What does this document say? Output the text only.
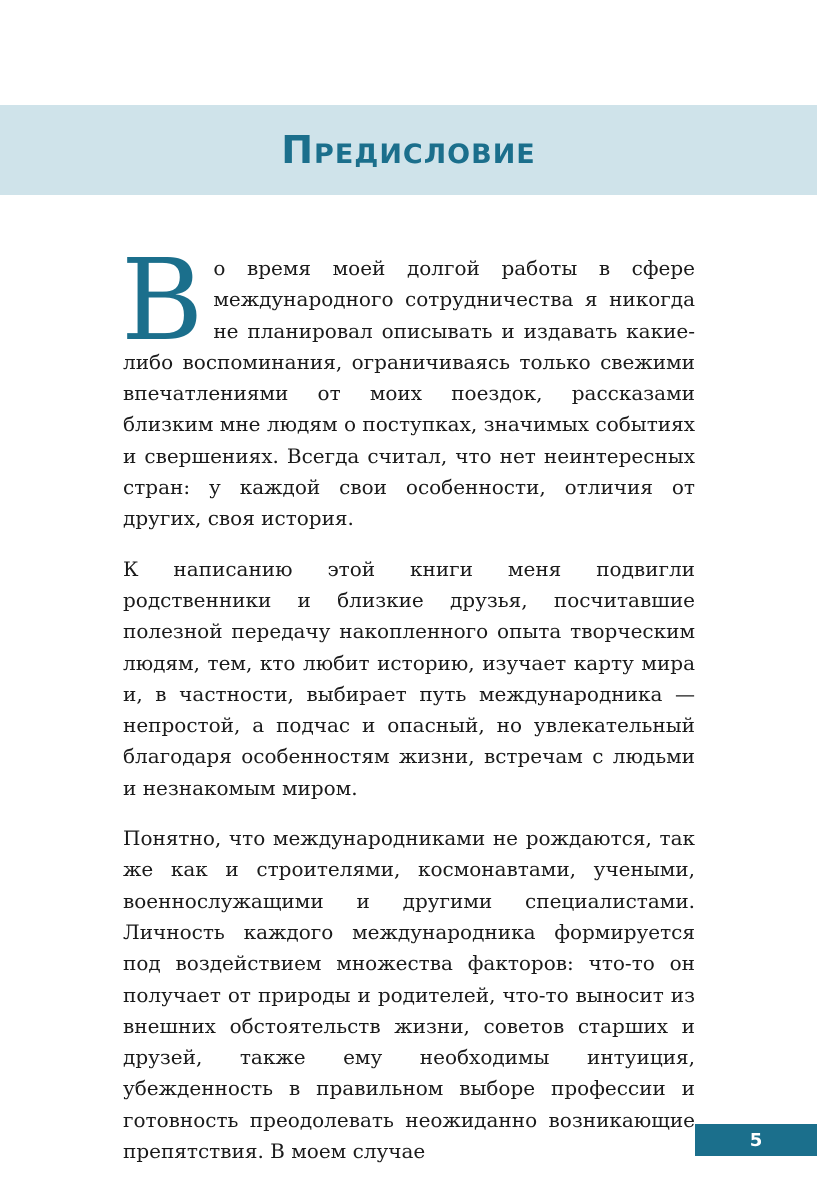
Предисловие

Во время моей долгой работы в сфере международного сотрудничества я никогда не планировал описывать и издавать какие-либо воспоминания, ограничиваясь только свежими впечатлениями от моих поездок, рассказами близким мне людям о поступках, значимых событиях и свершениях. Всегда считал, что нет неинтересных стран: у каждой свои особенности, отличия от других, своя история.

К написанию этой книги меня подвигли родственники и близкие друзья, посчитавшие полезной передачу накопленного опыта творческим людям, тем, кто любит историю, изучает карту мира и, в частности, выбирает путь международника — непростой, а подчас и опасный, но увлекательный благодаря особенностям жизни, встречам с людьми и незнакомым миром.

Понятно, что международниками не рождаются, так же как и строителями, космонавтами, учеными, военнослужащими и другими специалистами. Личность каждого международника формируется под воздействием множества факторов: что-то он получает от природы и родителей, что-то выносит из внешних обстоятельств жизни, советов старших и друзей, также ему необходимы интуиция, убежденность в правильном выборе профессии и готовность преодолевать неожиданно возникающие препятствия. В моем случае	5
